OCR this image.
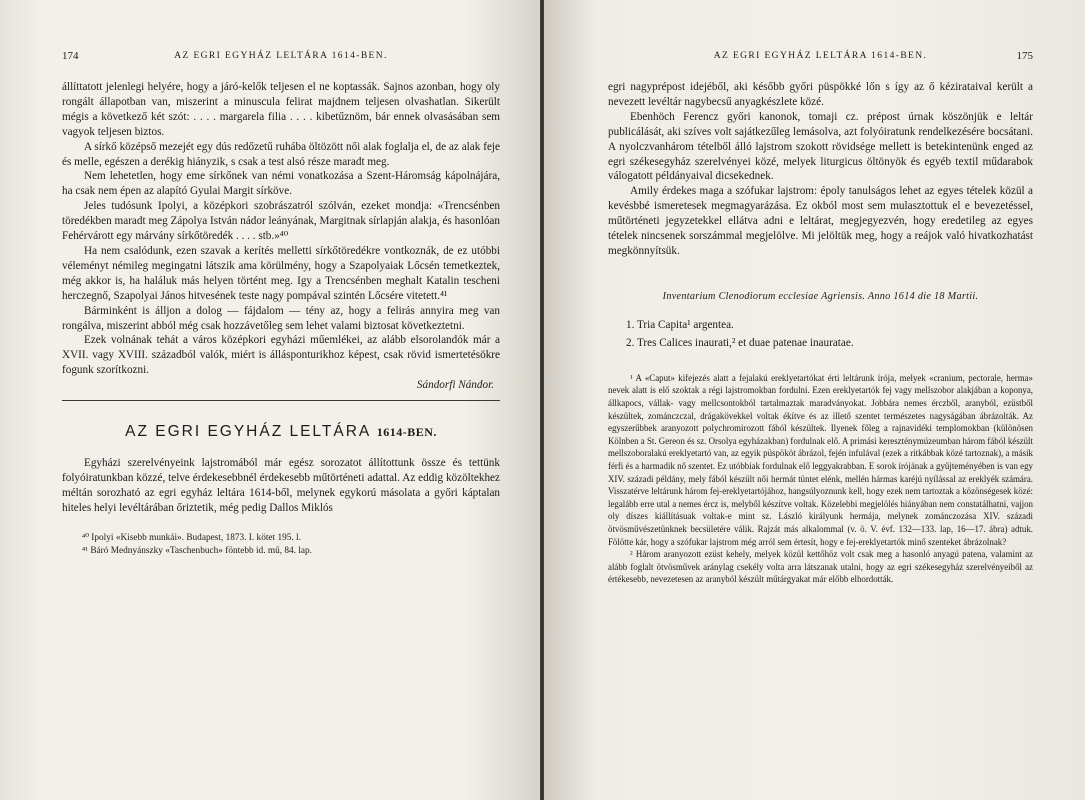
174	AZ EGRI EGYHÁZ LELTÁRA 1614-BEN.

állíttatott jelenlegi helyére, hogy a járó-kelők teljesen el ne koptassák. Sajnos azonban, hogy oly rongált állapotban van, miszerint a minuscula felirat majdnem teljesen olvashatlan. Sikerült mégis a következő két szót: . . . . margarela filia . . . . kibetűznöm, bár ennek olvasásában sem vagyok teljesen biztos.

A sírkő középső mezejét egy dús redőzetű ruhába öltözött női alak foglalja el, de az alak feje és melle, egészen a derékig hiányzik, s csak a test alsó része maradt meg.

Nem lehetetlen, hogy eme sírkőnek van némi vonatkozása a Szent-Háromság kápolnájára, ha csak nem épen az alapító Gyulai Margit sírköve.

Jeles tudósunk Ipolyi, a középkori szobrászatról szólván, ezeket mondja: «Trencsénben töredékben maradt meg Zápolya István nádor leányának, Margitnak sírlapján alakja, és hasonlóan Fehérvárott egy márvány sírkőtöredék . . . . stb.»⁴⁰

Ha nem csalódunk, ezen szavak a kerítés melletti sírkőtöredékre vontkoznák, de ez utóbbi véleményt némileg megingatni látszik ama körülmény, hogy a Szapolyaiak Lőcsén temetkeztek, még akkor is, ha haláluk más helyen történt meg. Igy a Trencsénben meghalt Katalin tescheni herczegnő, Szapolyai János hitvesének teste nagy pompával szintén Lőcsére vitetett.⁴¹

Bárminként is álljon a dolog — fájdalom — tény az, hogy a felirás annyira meg van rongálva, miszerint abból még csak hozzávetőleg sem lehet valami biztosat következtetni.

Ezek volnának tehát a város középkori egyházi műemlékei, az alább elsorolandók már a XVII. vagy XVIII. századból valók, miért is állásponturikhoz képest, csak rövid ismertetésökre fogunk szorítkozni.

Sándorfi Nándor.
AZ EGRI EGYHÁZ LELTÁRA 1614-BEN.

Egyházi szerelvényeink lajstromából már egész sorozatot állítottunk össze és tettünk folyóiratunkban közzé, telve érdekesebbnél érdekesebb műtörténeti adattal. Az eddig közöltekhez méltán sorozható az egri egyház leltára 1614-ből, melynek egykorú másolata a győri káptalan hiteles helyi levéltárában őriztetik, még pedig Dallos Miklós

⁴⁰ Ipolyi «Kisebb munkái». Budapest, 1873. I. kötet 195. l.
⁴¹ Báró Mednyánszky «Taschenbuch» föntebb id. mű, 84. lap.
AZ EGRI EGYHÁZ LELTÁRA 1614-BEN.	175

egri nagyprépost idejéből, aki később győri püspökké lőn s így az ő kézirataival került a nevezett levéltár nagybecsű anyagkészlete közé.

Ebenhöch Ferencz győri kanonok, tomaji cz. prépost úrnak köszönjük e leltár publicálását, aki szíves volt sajátkezűleg lemásolva, azt folyóiratunk rendelkezésére bocsátani. A nyolczvanhárom tételből álló lajstrom szokott rövidsége mellett is betekintenünk enged az egri székesegyház szerelvényei közé, melyek liturgicus öltönyök és egyéb textil műdarabok válogatott példányaival dicsekednek.

Amily érdekes maga a szófukar lajstrom: époly tanulságos lehet az egyes tételek közül a kevésbbé ismeretesek megmagyarázása. Ez okból most sem mulasztottuk el e bevezetéssel, műtörténeti jegyzetekkel ellátva adni e leltárat, megjegyezvén, hogy eredetileg az egyes tételek nincsenek sorszámmal megjelölve. Mi jelöltük meg, hogy a reájok való hivatkozhatást megkönnyítsük.

Inventarium Clenodiorum ecclesiae Agriensis. Anno 1614 die 18 Martii.
1. Tria Capita¹ argentea.
2. Tres Calices inaurati,² et duae patenae inauratae.

¹ A «Caput» kifejezés alatt a fejalakú ereklyetartókat érti leltárunk írója, melyek «cranium, pectorale, herma» nevek alatt is elő szoktak a régi lajstromokban fordulni. Ezen ereklyetartók fej vagy mellszobor alakjában a koponya, állkapocs, vállak- vagy mellcsontokból tartalmaztak maradványokat. Jobbára nemes érczből, aranyból, ezüstből készültek, zománczczal, drágakövekkel voltak ékítve és az illető szentet természetes nagyságában ábrázolták. Az egyszerűbbek aranyozott polychromirozott fából készültek. Ilyenek főleg a rajnavidéki templomokban (különösen Kölnben a St. Gereon és sz. Orsolya egyházakban) fordulnak elő. A primási kereszténymúzeumban három fából készült mellszoboralakú ereklyetartó van, az egyik püspököt ábrázol, fején infulával (ezek a ritkábbak közé tartoznak), a másik férfi és a harmadik nő szentet. Ez utóbbiak fordulnak elő leggyakrabban. E sorok írójának a gyűjteményében is van egy XIV. századi példány, mely fából készült női hermát tüntet elénk, mellén hármas karéjú nyílással az ereklyék számára. Visszatérve leltárunk három fej-ereklyetartójához, hangsúlyoznunk kell, hogy ezek nem tartoztak a közönségesek közé: legalább erre utal a nemes ércz is, melyből készítve voltak. Közelebbi megjelölés hiányában nem constatálhatni, vajjon oly díszes kiállításuak voltak-e mint sz. László királyunk hermája, melynek zománczozása XIV. századi ötvösművészetünknek becsületére válik. Rajzát más alkalommal (v. ö. V. évf. 132—133. lap, 16—17. ábra) adtuk. Fölötte kár, hogy a szófukar lajstrom még arról sem értesít, hogy e fej-ereklyetartók minő szenteket ábrázolnak?

² Három aranyozott ezüst kehely, melyek közül kettőhöz volt csak meg a hasonló anyagú patena, valamint az alább foglalt ötvösművek aránylag csekély volta arra látszanak utalni, hogy az egri székesegyház szerelvényeiből az értékesebb, nevezetesen az aranyból készült műtárgyakat már előbb elhordották.
